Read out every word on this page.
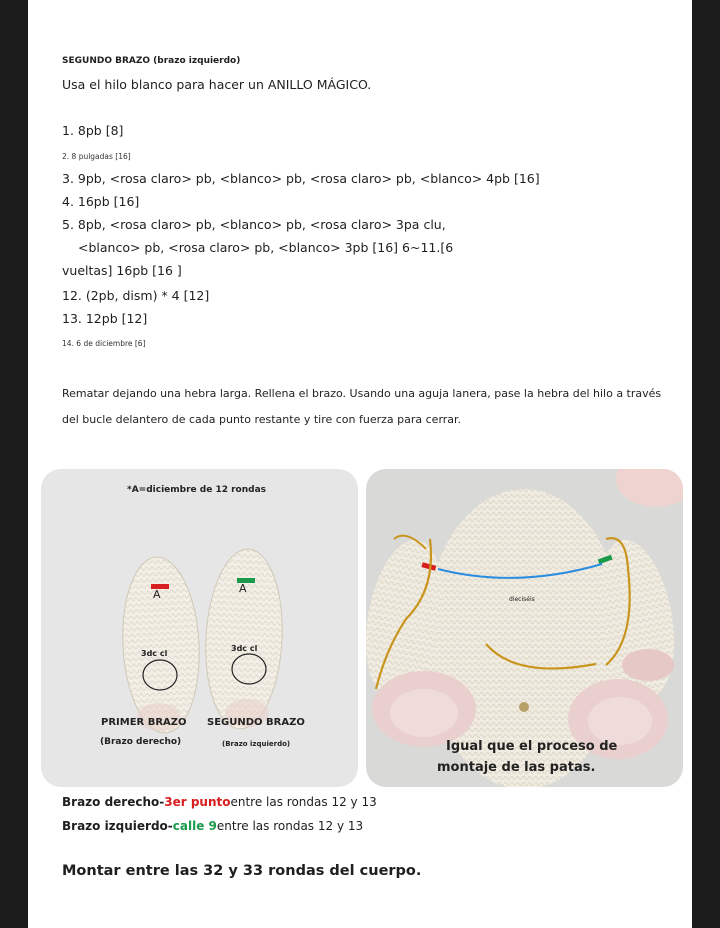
SEGUNDO BRAZO (brazo izquierdo)
Usa el hilo blanco para hacer un ANILLO MÁGICO.
1. 8pb [8]
2. 8 pulgadas [16]
3. 9pb, <rosa claro> pb, <blanco> pb, <rosa claro> pb, <blanco> 4pb [16]
4. 16pb [16]
5. 8pb, <rosa claro> pb, <blanco> pb, <rosa claro> 3pa clu,
<blanco> pb, <rosa claro> pb, <blanco> 3pb [16] 6~11.[6
vueltas] 16pb [16 ]
12. (2pb, dism) * 4 [12]
13. 12pb [12]
14. 6 de diciembre [6]
Rematar dejando una hebra larga. Rellena el brazo. Usando una aguja lanera, pase la hebra del hilo a través
del bucle delantero de cada punto restante y tire con fuerza para cerrar.
*A=diciembre de 12 rondas
A	A
3dc cl
3dc cl
PRIMER BRAZO
(Brazo derecho)
SEGUNDO BRAZO
(Brazo izquierdo)
dieciséis
Igual que el proceso de
montaje de las patas.
Brazo derecho-3er puntoentre las rondas 12 y 13
Brazo izquierdo-calle 9entre las rondas 12 y 13
Montar entre las 32 y 33 rondas del cuerpo.
